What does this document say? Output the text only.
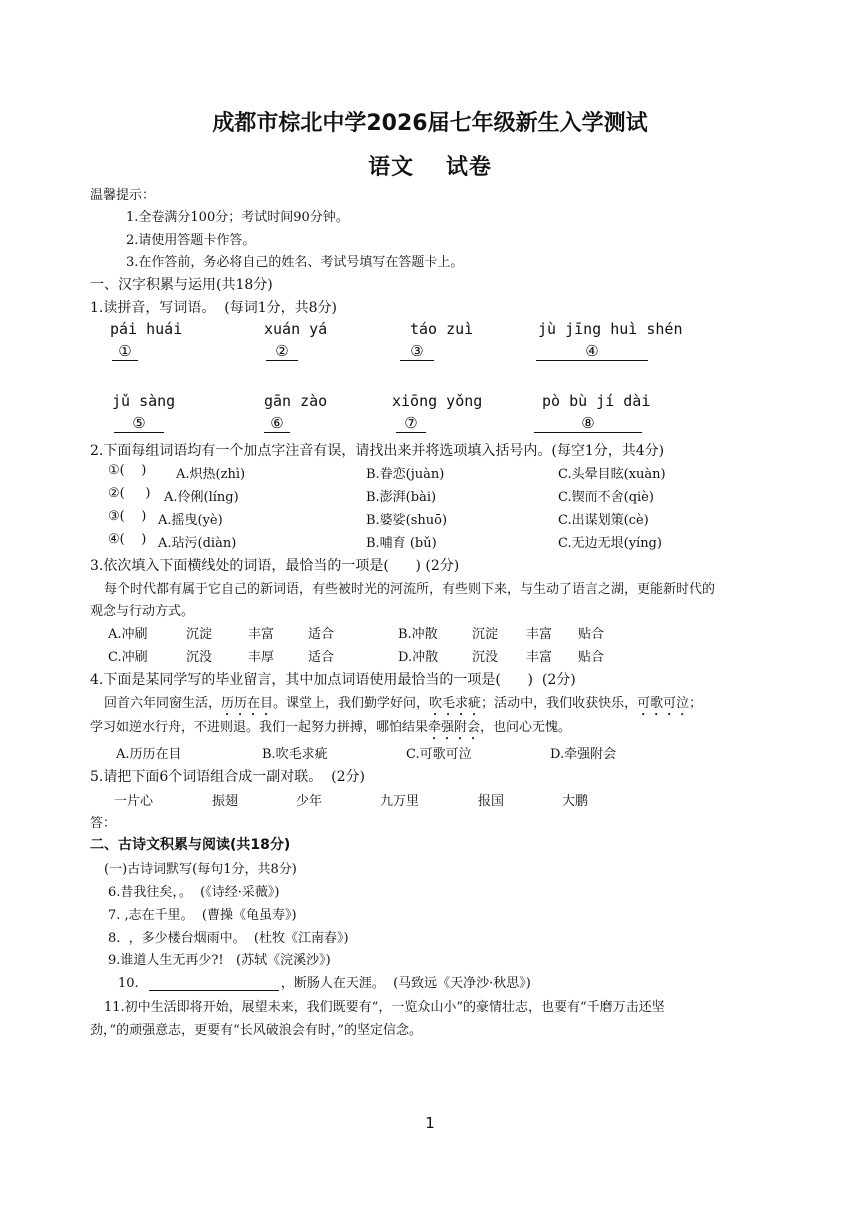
成都市棕北中学2026届七年级新生入学测试
语文　 试卷
温馨提示：
1.全卷满分100分；考试时间90分钟。
2.请使用答题卡作答。
3.在作答前，务必将自己的姓名、考试号填写在答题卡上。
一、汉字积累与运用(共18分)
1.读拼音，写词语。  (每词1分，共8分)
pái huái	xuán yá	táo zuì	jù jīng huì shén
①	②	③	④
jǔ sàng	gān zào	xiōng yǒng	pò bù jí dài
⑤	⑥	⑦	⑧
2.下面每组词语均有一个加点字注音有误，请找出来并将选项填入括号内。(每空1分，共4分)
①(    ) A.炽热(zhì)	B.眷恋(juàn)	C.头晕目眩(xuàn)
②(     ) A.伶俐(líng)	B.澎湃(bài)	C.锲而不舍(qiè)
③(    ) A.摇曳(yè)	B.婆娑(shuō)	C.出谋划策(cè)
④(    ) A.玷污(diàn)	B.哺育 (bǔ)	C.无边无垠(yíng)
3.依次填入下面横线处的词语，最恰当的一项是(      ) (2分)
每个时代都有属于它自己的新词语，有些被时光的河流所，有些则下来，与生动了语言之湖，更能新时代的
观念与行动方式。
A.冲刷	沉淀	丰富	适合	B.冲散	沉淀 丰富 贴合
C.冲刷	沉没	丰厚	适合	D.冲散	沉没 丰富 贴合
4.下面是某同学写的毕业留言，其中加点词语使用最恰当的一项是(      )  (2分)
回首六年同窗生活，历历在目。课堂上，我们勤学好问，吹毛求疵；活动中，我们收获快乐，可歌可泣；
学习如逆水行舟，不进则退。我们一起努力拼搏，哪怕结果牵强附会，也问心无愧。
A.历历在目	B.吹毛求疵	C.可歌可泣	D.牵强附会
5.请把下面6个词语组合成一副对联。  (2分)
一片心	振翅	少年	九万里	报国	大鹏
答：
二、古诗文积累与阅读(共18分)
(一)古诗词默写(每句1分，共8分)
6.昔我往矣，。  (《诗经·采薇》)
7. ,志在千里。  (曹操《龟虽寿》)
8.  ，多少楼台烟雨中。  (杜牧《江南春》)
9.谁道人生无再少?!   (苏轼《浣溪沙》)
10.	，断肠人在天涯。  (马致远《天净沙·秋思》)
11.初中生活即将开始，展望未来，我们既要有“，一览众山小”的豪情壮志，也要有“千磨万击还坚
劲，”的顽强意志，更要有“长风破浪会有时，”的坚定信念。
1
